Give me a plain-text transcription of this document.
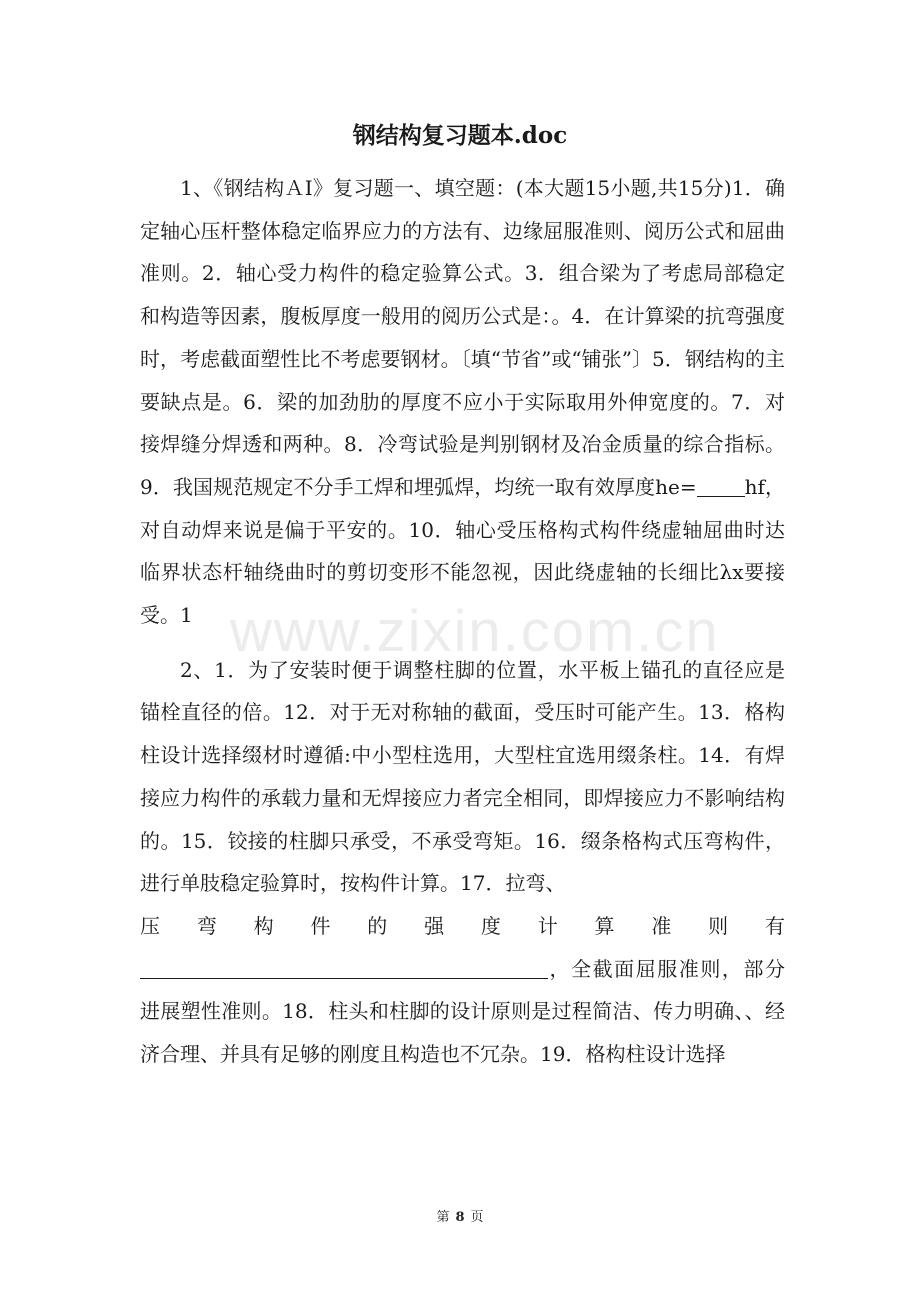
钢结构复习题本.doc

1、《钢结构ＡⅠ》复习题一、填空题：(本大题15小题,共15分)1．确定轴心压杆整体稳定临界应力的方法有、边缘屈服准则、阅历公式和屈曲准则。2．轴心受力构件的稳定验算公式。3．组合梁为了考虑局部稳定和构造等因素，腹板厚度一般用的阅历公式是：。4．在计算梁的抗弯强度时，考虑截面塑性比不考虑要钢材。〔填“节省”或“铺张”〕5．钢结构的主要缺点是。6．梁的加劲肋的厚度不应小于实际取用外伸宽度的。7．对接焊缝分焊透和两种。8．冷弯试验是判别钢材及冶金质量的综合指标。9．我国规范规定不分手工焊和埋弧焊，均统一取有效厚度he= hf，对自动焊来说是偏于平安的。10．轴心受压格构式构件绕虚轴屈曲时达临界状态杆轴绕曲时的剪切变形不能忽视，因此绕虚轴的长细比λx要接受。1

2、1．为了安装时便于调整柱脚的位置，水平板上锚孔的直径应是锚栓直径的倍。12．对于无对称轴的截面，受压时可能产生。13．格构柱设计选择缀材时遵循:中小型柱选用，大型柱宜选用缀条柱。14．有焊接应力构件的承载力量和无焊接应力者完全相同，即焊接应力不影响结构的。15．铰接的柱脚只承受，不承受弯矩。16．缀条格构式压弯构件，进行单肢稳定验算时，按构件计算。17．拉弯、
压弯构件的强度计算准则有
，全截面屈服准则，部分进展塑性准则。18．柱头和柱脚的设计原则是过程简洁、传力明确、、经济合理、并具有足够的刚度且构造也不冗杂。19．格构柱设计选择

www.zixin.com.cn
第 8 页
